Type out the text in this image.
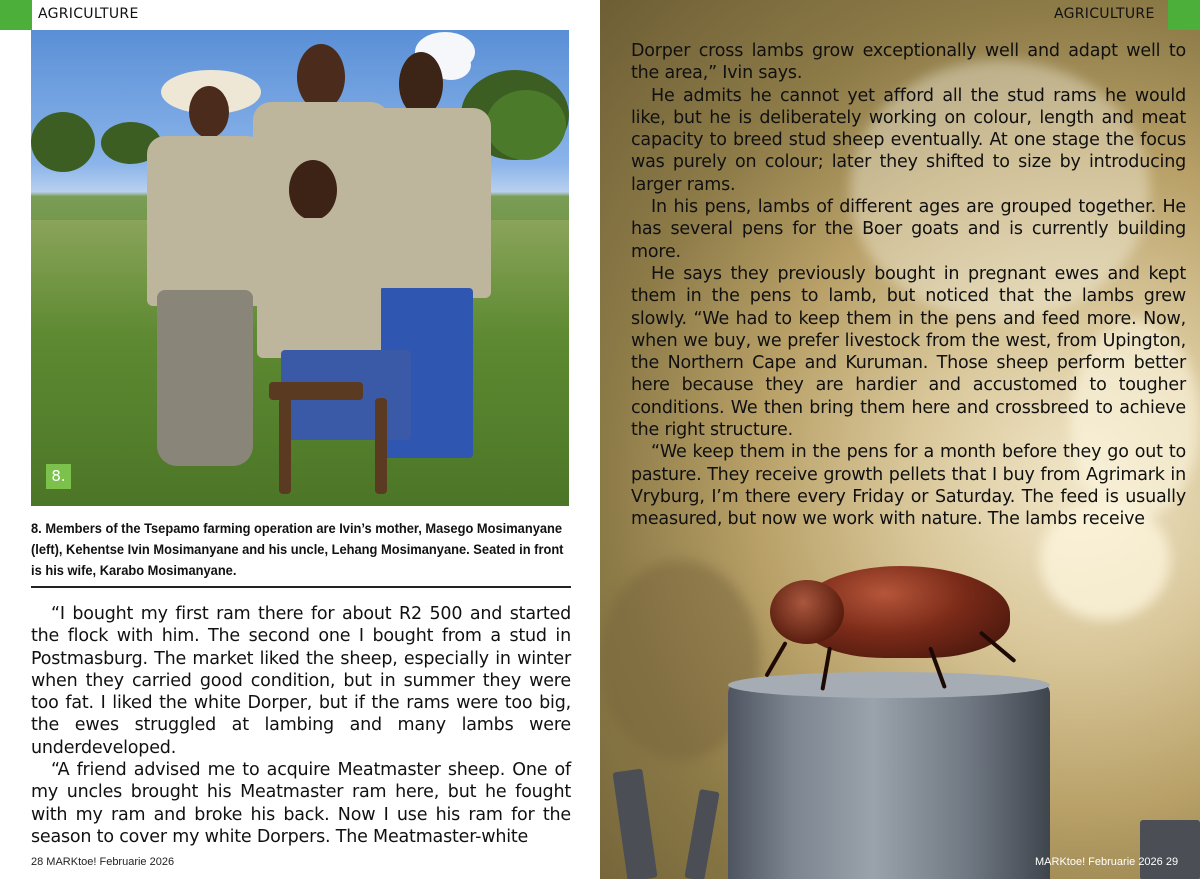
AGRICULTURE
8.
8. Members of the Tsepamo farming operation are Ivin’s mother, Masego Mosimanyane (left), Kehentse Ivin Mosimanyane and his uncle, Lehang Mosimanyane. Seated in front is his wife, Karabo Mosimanyane.

“I bought my first ram there for about R2 500 and started the flock with him. The second one I bought from a stud in Postmasburg. The market liked the sheep, especially in winter when they carried good condition, but in summer they were too fat. I liked the white Dorper, but if the rams were too big, the ewes struggled at lambing and many lambs were underdeveloped.

“A friend advised me to acquire Meatmaster sheep. One of my uncles brought his Meatmaster ram here, but he fought with my ram and broke his back. Now I use his ram for the season to cover my white Dorpers. The Meatmaster-white

28 MARKtoe! Februarie 2026
AGRICULTURE

Dorper cross lambs grow exceptionally well and adapt well to the area,” Ivin says.

He admits he cannot yet afford all the stud rams he would like, but he is deliberately working on colour, length and meat capacity to breed stud sheep eventually. At one stage the focus was purely on colour; later they shifted to size by introducing larger rams.

In his pens, lambs of different ages are grouped together. He has several pens for the Boer goats and is currently building more.

He says they previously bought in pregnant ewes and kept them in the pens to lamb, but noticed that the lambs grew slowly. “We had to keep them in the pens and feed more. Now, when we buy, we prefer livestock from the west, from Upington, the Northern Cape and Kuruman. Those sheep perform better here because they are hardier and accustomed to tougher conditions. We then bring them here and crossbreed to achieve the right structure.

“We keep them in the pens for a month before they go out to pasture. They receive growth pellets that I buy from Agrimark in Vryburg, I’m there every Friday or Saturday. The feed is usually measured, but now we work with nature. The lambs receive

MARKtoe! Februarie 2026 29
